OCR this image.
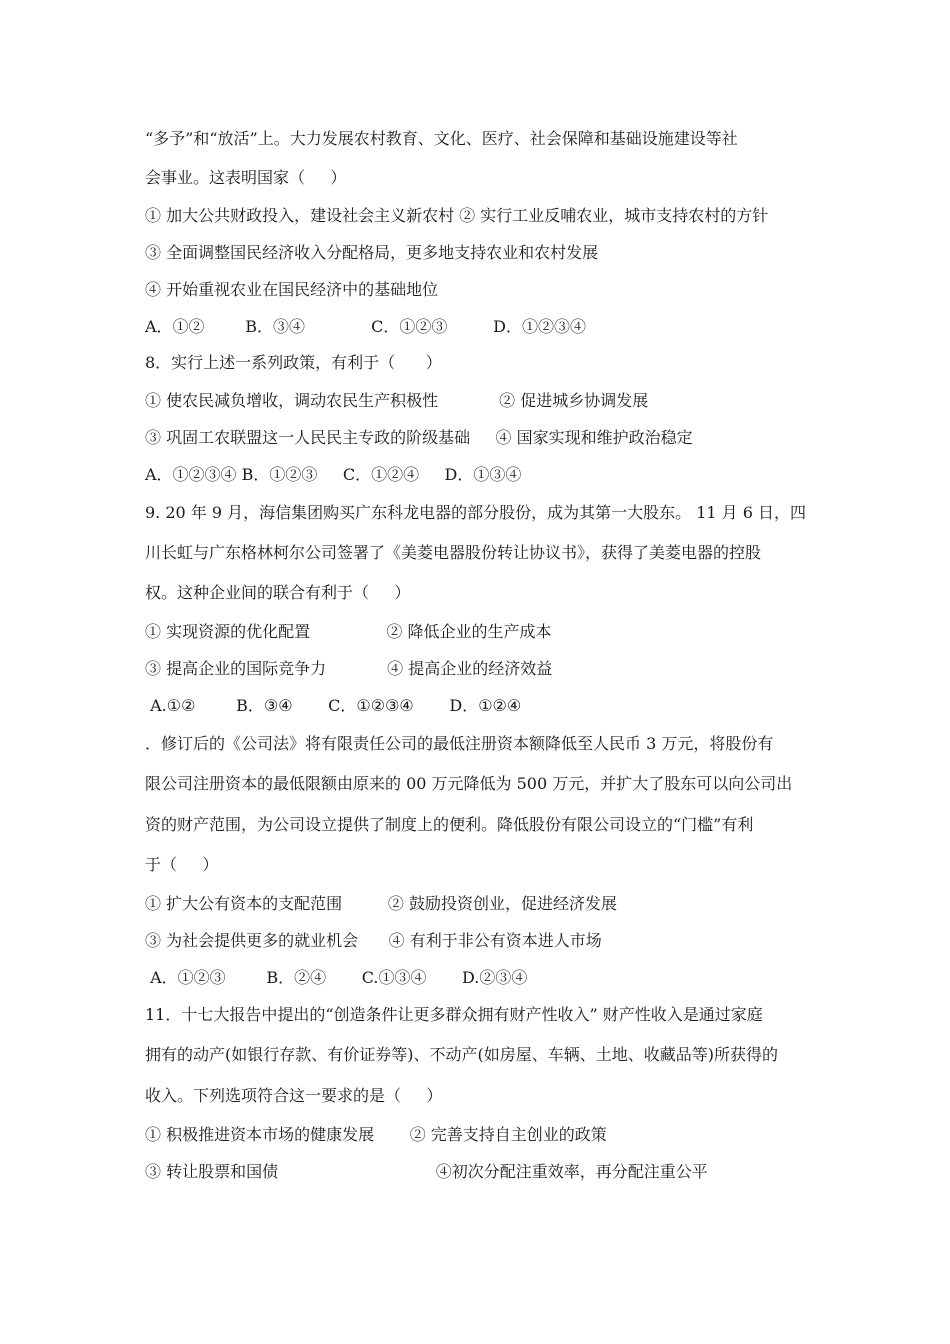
“多予”和“放活”上。大力发展农村教育、文化、医疗、社会保障和基础设施建设等社
会事业。这表明国家（     ）
① 加大公共财政投入，建设社会主义新农村 ② 实行工业反哺农业，城市支持农村的方针
③ 全面调整国民经济收入分配格局，更多地支持农业和农村发展
④ 开始重视农业在国民经济中的基础地位
A．①②        B．③④             C．①②③         D．①②③④
8．实行上述一系列政策，有利于（      ）
① 使农民减负增收，调动农民生产积极性            ② 促进城乡协调发展
③ 巩固工农联盟这一人民民主专政的阶级基础     ④ 国家实现和维护政治稳定
A．①②③④ B．①②③     C．①②④     D．①③④
9. 20 年 9 月，海信集团购买广东科龙电器的部分股份，成为其第一大股东。 11 月 6 日，四
川长虹与广东格林柯尔公司签署了《美菱电器股份转让协议书》，获得了美菱电器的控股
权。这种企业间的联合有利于（     ）
① 实现资源的优化配置               ② 降低企业的生产成本
③ 提高企业的国际竞争力            ④ 提高企业的经济效益
A.①②        B．③④       C．①②③④       D．①②④
．修订后的《公司法》将有限责任公司的最低注册资本额降低至人民币 3 万元，将股份有
限公司注册资本的最低限额由原来的 00 万元降低为 500 万元，并扩大了股东可以向公司出
资的财产范围，为公司设立提供了制度上的便利。降低股份有限公司设立的“门槛”有利
于（     ）
① 扩大公有资本的支配范围         ② 鼓励投资创业，促进经济发展
③ 为社会提供更多的就业机会      ④ 有利于非公有资本进人市场
A．①②③        B．②④       C.①③④       D.②③④
11．十七大报告中提出的“创造条件让更多群众拥有财产性收入” 财产性收入是通过家庭
拥有的动产(如银行存款、有价证券等)、不动产(如房屋、车辆、土地、收藏品等)所获得的
收入。下列选项符合这一要求的是（     ）
① 积极推进资本市场的健康发展       ② 完善支持自主创业的政策
③ 转让股票和国债                               ④初次分配注重效率，再分配注重公平
